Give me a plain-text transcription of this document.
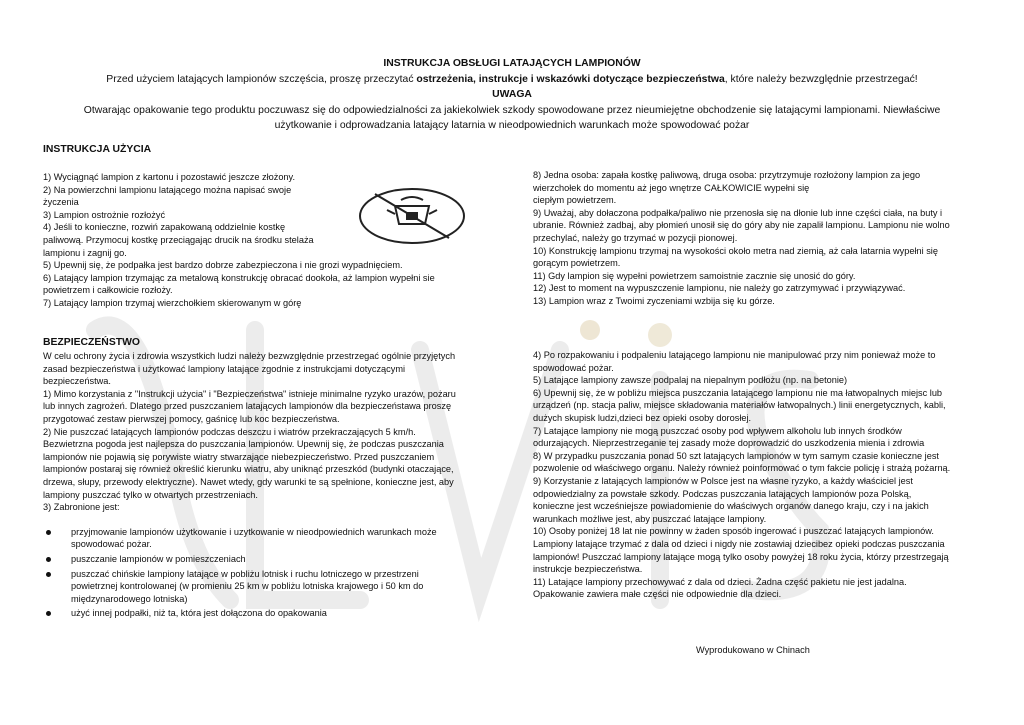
INSTRUKCJA OBSŁUGI LATAJĄCYCH LAMPIONÓW
Przed użyciem latających lampionów szczęścia, proszę przeczytać ostrzeżenia, instrukcje i wskazówki dotyczące bezpieczeństwa, które należy bezwzględnie przestrzegać!
UWAGA
Otwarając opakowanie tego produktu poczuwasz się do odpowiedzialności za jakiekolwiek szkody spowodowane przez nieumiejętne obchodzenie się latającymi lampionami. Niewłaściwe
użytkowanie i odprowadzania latający latarnia w nieodpowiednich warunkach może spowodować pożar
INSTRUKCJA UŻYCIA
1) Wyciągnąć lampion z kartonu i pozostawić jeszcze złożony.
2) Na powierzchni lampionu latającego można napisać swoje
życzenia
3) Lampion ostrożnie rozłożyć
4) Jeśli to konieczne, rozwiń zapakowaną oddzielnie kostkę
paliwową. Przymocuj kostkę przeciągając drucik na środku stelaża
lampionu i zagnij go.
5) Upewnij się, że podpałka jest bardzo dobrze zabezpieczona i nie grozi wypadnięciem.
6) Latający lampion trzymając za metalową konstrukcję obracać dookoła, aż lampion wypełni sie
powietrzem i całkowicie rozłoży.
7) Latający lampion trzymaj wierzchołkiem skierowanym w górę
8) Jedna osoba: zapała kostkę paliwową, druga osoba: przytrzymuje rozłożony lampion za jego
wierzchołek do momentu aż jego wnętrze CAŁKOWICIE wypełni się
ciepłym powietrzem.
9) Uważaj, aby dołaczona podpałka/paliwo nie przenosła się na dłonie lub inne części ciała, na buty i
ubranie. Również zadbaj, aby płomień unosił się do góry aby nie zapalił lampionu. Lampionu nie wolno
przechylać, należy go trzymać w pozycji pionowej.
10) Konstrukcję lampionu trzymaj na wysokości około metra nad ziemią, aż cała latarnia wypełni się
gorącym powietrzem.
11) Gdy lampion się wypełni powietrzem samoistnie zacznie się unosić do góry.
12) Jest to moment na wypuszczenie lampionu, nie należy go zatrzymywać i przywiązywać.
13) Lampion wraz z Twoimi zyczeniami wzbija się ku górze.
BEZPIECZEŃSTWO
W celu ochrony życia i zdrowia wszystkich ludzi należy bezwzględnie przestrzegać ogólnie przyjętych
zasad bezpieczeństwa i użytkować lampiony latające zgodnie z instrukcjami dotyczącymi
bezpieczeństwa.
1) Mimo korzystania z "Instrukcji użycia" i "Bezpieczeństwa" istnieje minimalne ryzyko urazów, pożaru
lub innych zagrożeń. Dlatego przed puszczaniem latających lampionów dla bezpieczeństawa proszę
przygotować zestaw pierwszej pomocy, gaśnicę lub koc bezpieczeństwa.
2) Nie puszczać latających lampionów podczas deszczu i wiatrów przekraczających 5 km/h.
Bezwietrzna pogoda jest najlepsza do puszczania lampionów. Upewnij się, że podczas puszczania
lampionów nie pojawią się porywiste wiatry stwarzające niebezpieczeństwo. Przed puszczaniem
lampionów postaraj się również określić kierunku wiatru, aby uniknąć przeszkód (budynki otaczające,
drzewa, słupy, przewody elektryczne). Nawet wtedy, gdy warunki te są spełnione, konieczne jest, aby
lampiony puszczać tylko w otwartych przestrzeniach.
3) Zabronione jest:
przyjmowanie lampionów użytkowanie i uzytkowanie w nieodpowiednich warunkach może
spowodować pożar.
puszczanie lampionów w pomieszczeniach
puszczać chińskie lampiony latające w pobliżu lotnisk i ruchu lotniczego w przestrzeni
powietrznej kontrolowanej (w promieniu 25 km w pobliżu lotniska krajowego i 50 km do
międzynarodowego lotniska)
użyć innej podpałki, niż ta, która jest dołączona do opakowania
4) Po rozpakowaniu i podpaleniu latającego lampionu nie manipulować przy nim ponieważ może to
spowodować pożar.
5) Latające lampiony zawsze podpalaj na niepalnym podłożu (np. na betonie)
6) Upewnij się, że w pobliżu miejsca puszczania latającego lampionu nie ma łatwopalnych miejsc lub
urządzeń (np. stacja paliw, miejsce składowania materiałów łatwopalnych.) linii energetycznych, kabli,
dużych skupisk ludzi,dzieci bez opieki osoby dorosłej.
7) Latające lampiony nie mogą puszczać osoby pod wpływem alkoholu lub innych środków
odurzających. Nieprzestrzeganie tej zasady może doprowadzić do uszkodzenia mienia i zdrowia
8) W przypadku puszczania ponad 50 szt latających lampionów w tym samym czasie konieczne jest
pozwolenie od właściwego organu. Należy również poinformować o tym fakcie policję i strażą pożarną.
9) Korzystanie z latających lampionów w Polsce jest na własne ryzyko, a każdy właściciel jest
odpowiedzialny za powstałe szkody. Podczas puszczania latających lampionów poza Polską,
konieczne jest wcześniejsze powiadomienie do właściwych organów danego kraju, czy i na jakich
warunkach możliwe jest, aby puszczać latające lampiony.
10) Osoby poniżej 18 lat nie powinny w żaden sposób ingerować i puszczać latających lampionów.
Lampiony latające trzymać z dala od dzieci i nigdy nie zostawiaj dziecibez opieki podczas puszczania
lampionów! Puszczać lampiony latające mogą tylko osoby powyżej 18 roku życia, którzy przestrzegają
instrukcje bezpieczeństwa.
11) Latające lampiony przechowywać z dala od dzieci. Żadna część pakietu nie jest jadalna.
Opakowanie zawiera małe części nie odpowiednie dla dzieci.
Wyprodukowano w Chinach
